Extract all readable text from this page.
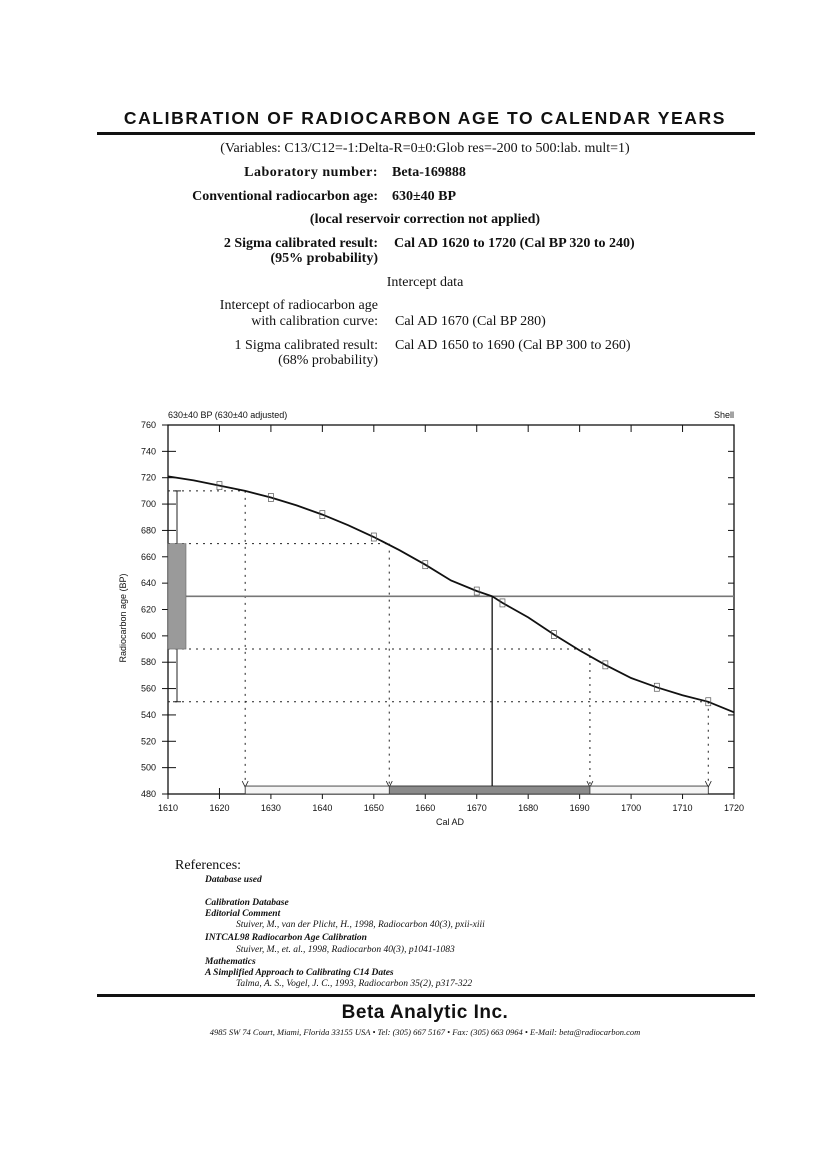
CALIBRATION OF RADIOCARBON AGE TO CALENDAR YEARS
(Variables: C13/C12=-1:Delta-R=0±0:Glob res=-200 to 500:lab. mult=1)
Laboratory number: Beta-169888
Conventional radiocarbon age: 630±40 BP
(local reservoir correction not applied)
2 Sigma calibrated result: Cal AD 1620 to 1720 (Cal BP 320 to 240)
(95% probability)
Intercept data
Intercept of radiocarbon age
with calibration curve: Cal AD 1670 (Cal BP 280)
1 Sigma calibrated result: Cal AD 1650 to 1690 (Cal BP 300 to 260)
(68% probability)
480
500
520
540
560
580
600
620
640
660
680
700
720
740
760
1610	1620	1630	1640	1650	1660	1670	1680	1690	1700	1710	1720
630±40 BP (630±40 adjusted)	Shell
Cal AD
Radiocarbon age (BP)
References:
Database used
Calibration Database
Editorial Comment
Stuiver, M., van der Plicht, H., 1998, Radiocarbon 40(3), pxii-xiii
INTCAL98 Radiocarbon Age Calibration
Stuiver, M., et. al., 1998, Radiocarbon 40(3), p1041-1083
Mathematics
A Simplified Approach to Calibrating C14 Dates
Talma, A. S., Vogel, J. C., 1993, Radiocarbon 35(2), p317-322
Beta Analytic Inc.
4985 SW 74 Court, Miami, Florida 33155 USA • Tel: (305) 667 5167 • Fax: (305) 663 0964 • E-Mail: beta@radiocarbon.com
